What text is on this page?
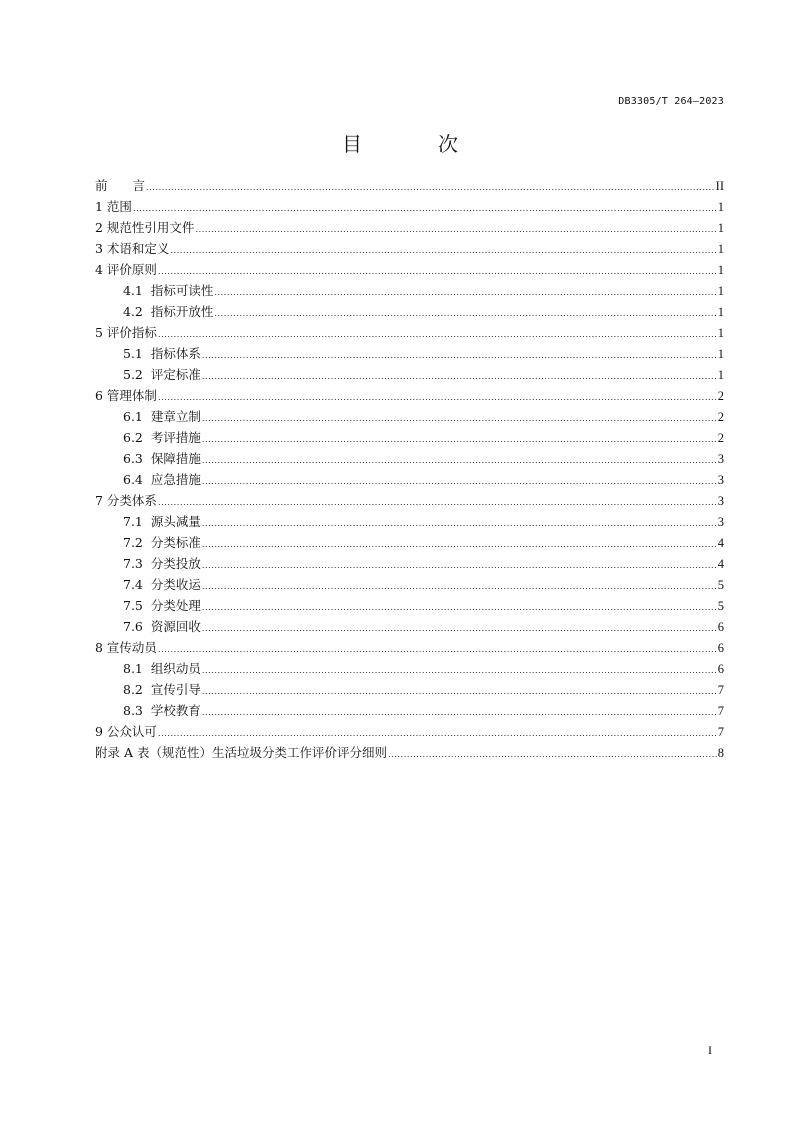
DB3305/T 264—2023
目　次
前　　言 .....	II
1 范围 .....	1
2 规范性引用文件 .....	1
3 术语和定义 .....	1
4 评价原则 .....	1
4.1  指标可读性 .....	1
4.2  指标开放性 .....	1
5 评价指标 .....	1
5.1  指标体系 .....	1
5.2  评定标准 .....	1
6 管理体制 .....	2
6.1  建章立制 .....	2
6.2  考评措施 .....	2
6.3  保障措施 .....	3
6.4  应急措施 .....	3
7 分类体系 .....	3
7.1  源头减量 .....	3
7.2  分类标准 .....	4
7.3  分类投放 .....	4
7.4  分类收运 .....	5
7.5  分类处理 .....	5
7.6  资源回收 .....	6
8 宣传动员 .....	6
8.1  组织动员 .....	6
8.2  宣传引导 .....	7
8.3  学校教育 .....	7
9 公众认可 .....	7
附录 A 表（规范性）生活垃圾分类工作评价评分细则 .....	8
I
